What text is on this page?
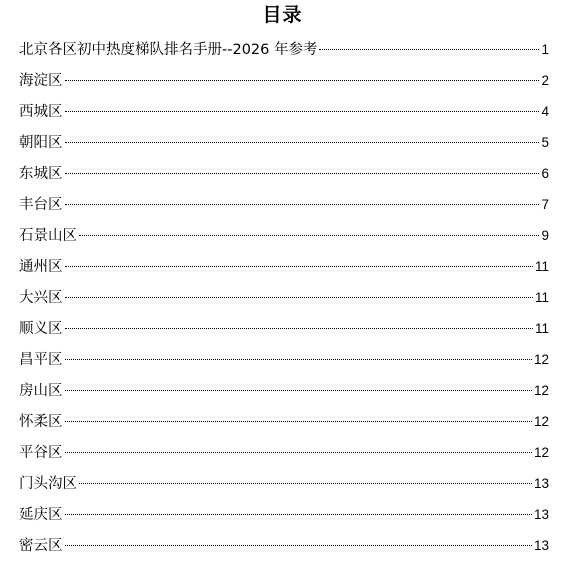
目录
北京各区初中热度梯队排名手册--2026 年参考	1
海淀区	2
西城区	4
朝阳区	5
东城区	6
丰台区	7
石景山区	9
通州区	11
大兴区	11
顺义区	11
昌平区	12
房山区	12
怀柔区	12
平谷区	12
门头沟区	13
延庆区	13
密云区	13
